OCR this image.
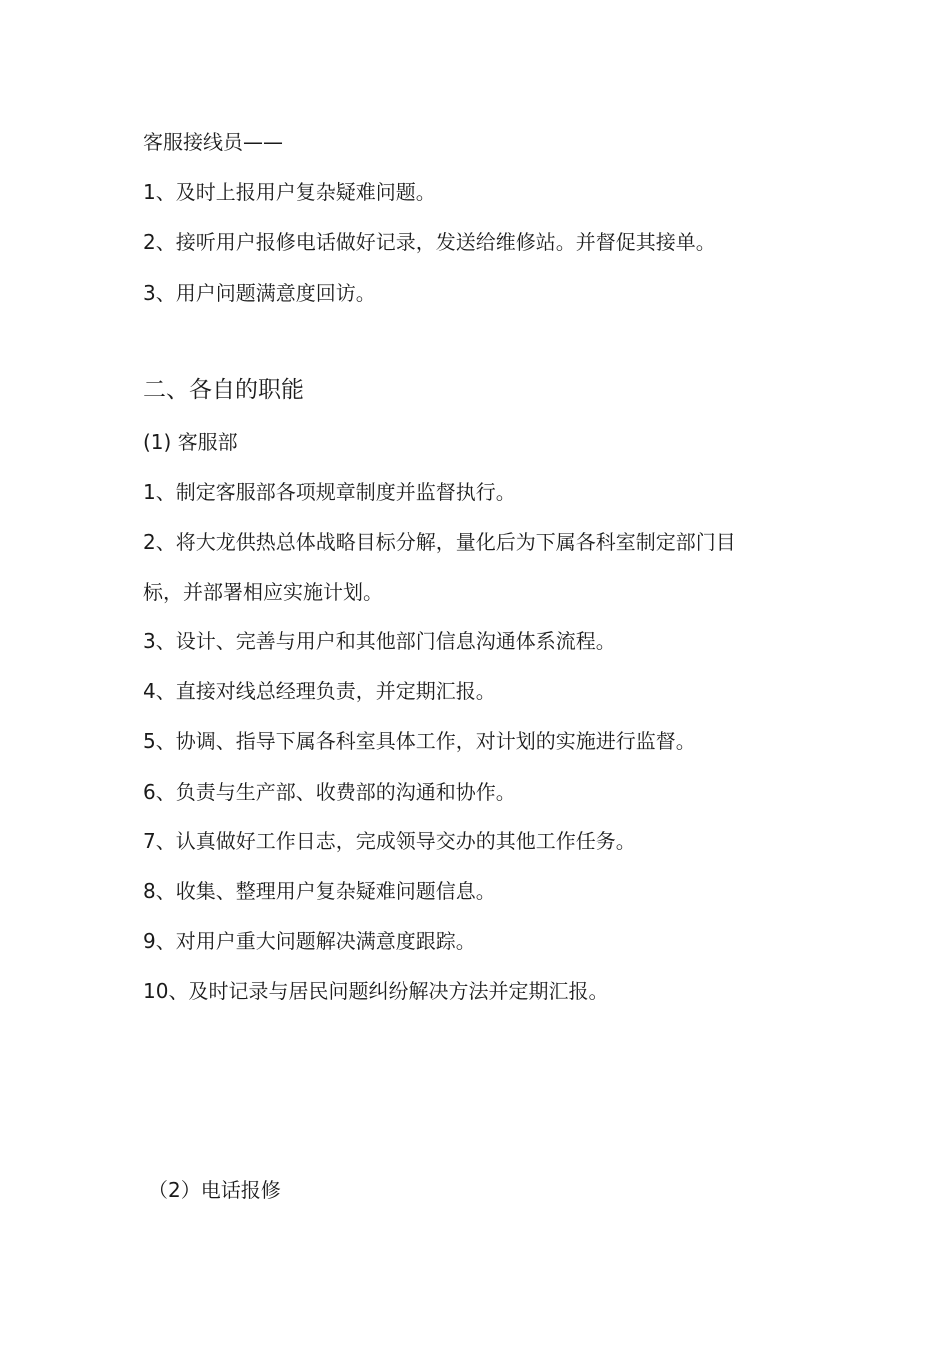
客服接线员——
1、及时上报用户复杂疑难问题。
2、接听用户报修电话做好记录，发送给维修站。并督促其接单。
3、用户问题满意度回访。
二、各自的职能
(1) 客服部
1、制定客服部各项规章制度并监督执行。
2、将大龙供热总体战略目标分解，量化后为下属各科室制定部门目
标，并部署相应实施计划。
3、设计、完善与用户和其他部门信息沟通体系流程。
4、直接对线总经理负责，并定期汇报。
5、协调、指导下属各科室具体工作，对计划的实施进行监督。
6、负责与生产部、收费部的沟通和协作。
7、认真做好工作日志，完成领导交办的其他工作任务。
8、收集、整理用户复杂疑难问题信息。
9、对用户重大问题解决满意度跟踪。
10、及时记录与居民问题纠纷解决方法并定期汇报。
（2）电话报修
